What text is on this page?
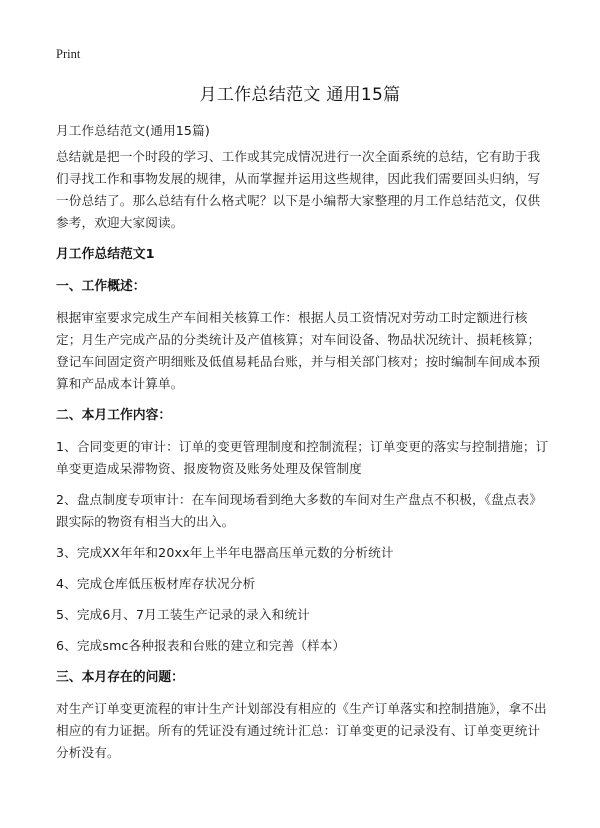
Print
月工作总结范文 通用15篇

月工作总结范文(通用15篇)

总结就是把一个时段的学习、工作或其完成情况进行一次全面系统的总结，它有助于我们寻找工作和事物发展的规律，从而掌握并运用这些规律，因此我们需要回头归纳，写一份总结了。那么总结有什么格式呢？以下是小编帮大家整理的月工作总结范文，仅供参考，欢迎大家阅读。

月工作总结范文1
一、工作概述：

根据审室要求完成生产车间相关核算工作：根据人员工资情况对劳动工时定额进行核定；月生产完成产品的分类统计及产值核算；对车间设备、物品状况统计、损耗核算；登记车间固定资产明细账及低值易耗品台账，并与相关部门核对；按时编制车间成本预算和产品成本计算单。

二、本月工作内容：

1、合同变更的审计：订单的变更管理制度和控制流程；订单变更的落实与控制措施；订单变更造成呆滞物资、报废物资及账务处理及保管制度

2、盘点制度专项审计：在车间现场看到绝大多数的车间对生产盘点不积极，《盘点表》跟实际的物资有相当大的出入。

3、完成XX年年和20xx年上半年电器高压单元数的分析统计

4、完成仓库低压板材库存状况分析

5、完成6月、7月工装生产记录的录入和统计

6、完成smc各种报表和台账的建立和完善（样本）

三、本月存在的问题：

对生产订单变更流程的审计生产计划部没有相应的《生产订单落实和控制措施》，拿不出相应的有力证据。所有的凭证没有通过统计汇总：订单变更的记录没有、订单变更统计分析没有。
